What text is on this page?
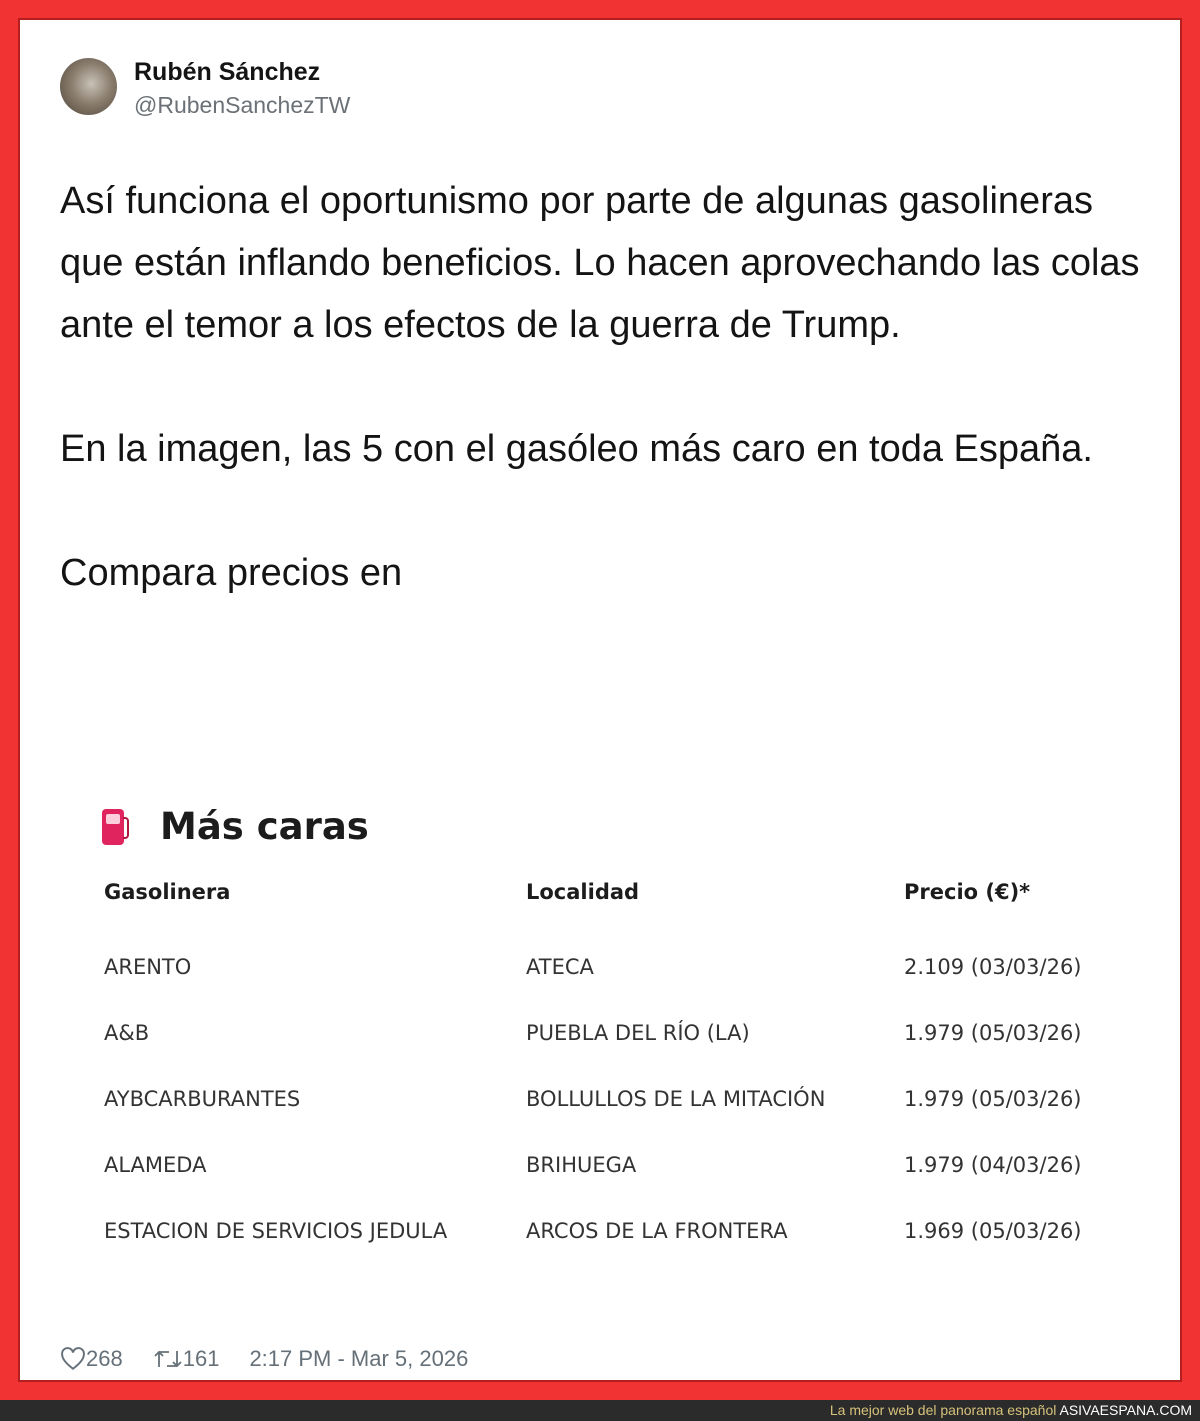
Rubén Sánchez
@RubenSanchezTW
Así funciona el oportunismo por parte de algunas gasolineras que están inflando beneficios. Lo hacen aprovechando las colas ante el temor a los efectos de la guerra de Trump.

En la imagen, las 5 con el gasóleo más caro en toda España.

Compara precios en
Más caras
Gasolinera	Localidad	Precio (€)*
ARENTO	ATECA	2.109 (03/03/26)
A&B	PUEBLA DEL RÍO (LA)	1.979 (05/03/26)
AYBCARBURANTES	BOLLULLOS DE LA MITACIÓN	1.979 (05/03/26)
ALAMEDA	BRIHUEGA	1.979 (04/03/26)
ESTACION DE SERVICIOS JEDULA	ARCOS DE LA FRONTERA	1.969 (05/03/26)
268	161 2:17 PM - Mar 5, 2026
La mejor web del panorama español ASIVAESPANA.COM
